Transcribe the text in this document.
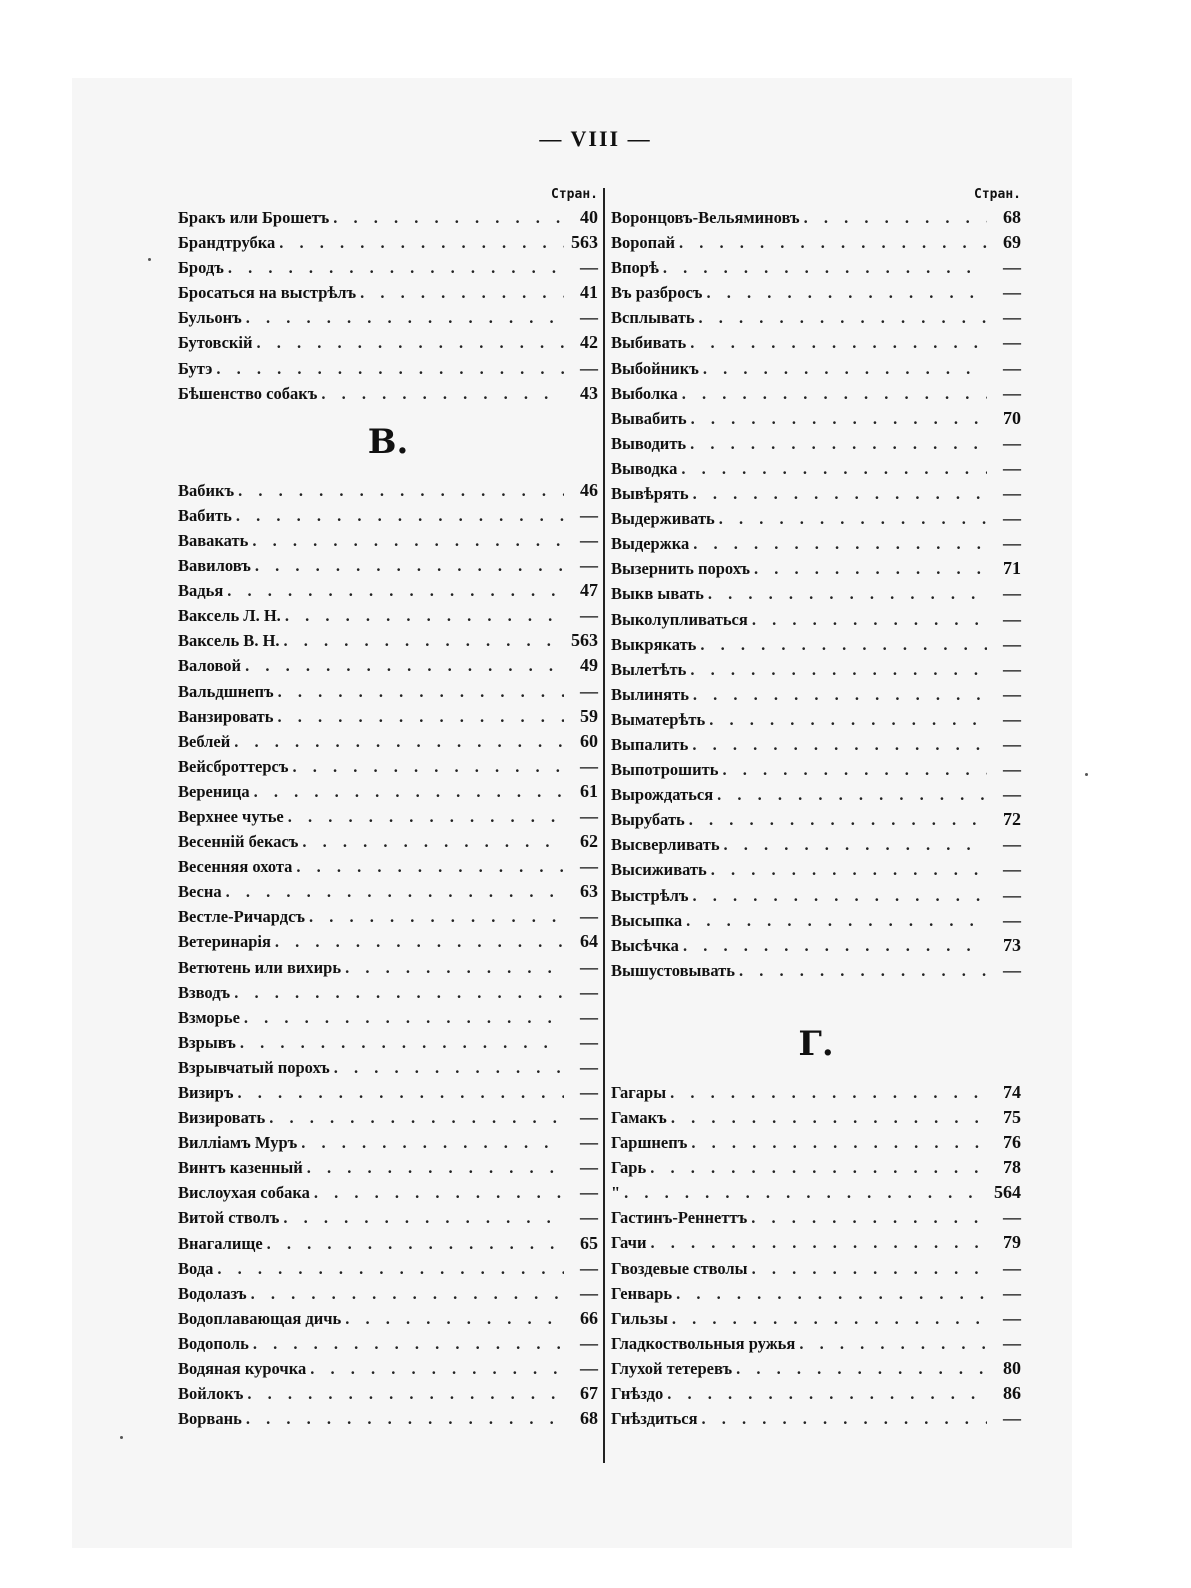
— VIII —
Стран.
Бракъ или Брошетъ . . .	40
Брандтрубка . . .	563
Бродъ . . .	—
Бросаться на выстрѣлъ . . .	41
Бульонъ . . .	—
Бутовскій . . .	42
Бутэ . . .	—
Бѣшенство собакъ . . .	43
В.
Вабикъ . . .	46
Вабить . . .	—
Вавакать . . .	—
Вавиловъ . . .	—
Вадья . . .	47
Ваксель Л. Н. . . .	—
Ваксель В. Н. . . .	563
Валовой . . .	49
Вальдшнепъ . . .	—
Ванзировать . . .	59
Веблей . . .	60
Вейсброттерсъ . . .	—
Вереница . . .	61
Верхнее чутье . . .	—
Весенній бекасъ . . .	62
Весенняя охота . . .	—
Весна . . .	63
Вестле-Ричардсъ . . .	—
Ветеринарія . . .	64
Ветютень или вихирь . . .	—
Взводъ . . .	—
Взморье . . .	—
Взрывъ . . .	—
Взрывчатый порохъ . . .	—
Визиръ . . .	—
Визировать . . .	—
Вилліамъ Муръ . . .	—
Винтъ казенный . . .	—
Вислоухая собака . . .	—
Витой стволъ . . .	—
Внагалище . . .	65
Вода . . .	—
Водолазъ . . .	—
Водоплавающая дичь . . .	66
Водополь . . .	—
Водяная курочка . . .	—
Войлокъ . . .	67
Ворвань . . .	68
Стран.
Воронцовъ-Вельяминовъ . . .	68
Воропай . . .	69
Впорѣ . . .	—
Въ разбросъ . . .	—
Всплывать . . .	—
Выбивать . . .	—
Выбойникъ . . .	—
Выболка . . .	—
Вывабить . . .	70
Выводить . . .	—
Выводка . . .	—
Вывѣрять . . .	—
Выдерживать . . .	—
Выдержка . . .	—
Вызернить порохъ . . .	71
Выкв ывать . . .	—
Выколупливаться . . .	—
Выкрякать . . .	—
Вылетѣть . . .	—
Вылинять . . .	—
Выматерѣть . . .	—
Выпалить . . .	—
Выпотрошить . . .	—
Вырождаться . . .	—
Вырубать . . .	72
Высверливать . . .	—
Высиживать . . .	—
Выстрѣлъ . . .	—
Высыпка . . .	—
Высѣчка . . .	73
Вышустовывать . . .	—
Г.
Гагары . . .	74
Гамакъ . . .	75
Гаршнепъ . . .	76
Гарь . . .	78
" . . .	564
Гастинъ-Реннеттъ . . .	—
Гачи . . .	79
Гвоздевые стволы . . .	—
Генварь . . .	—
Гильзы . . .	—
Гладкоствольныя ружья . . .	—
Глухой тетеревъ . . .	80
Гнѣздо . . .	86
Гнѣздиться . . .	—
